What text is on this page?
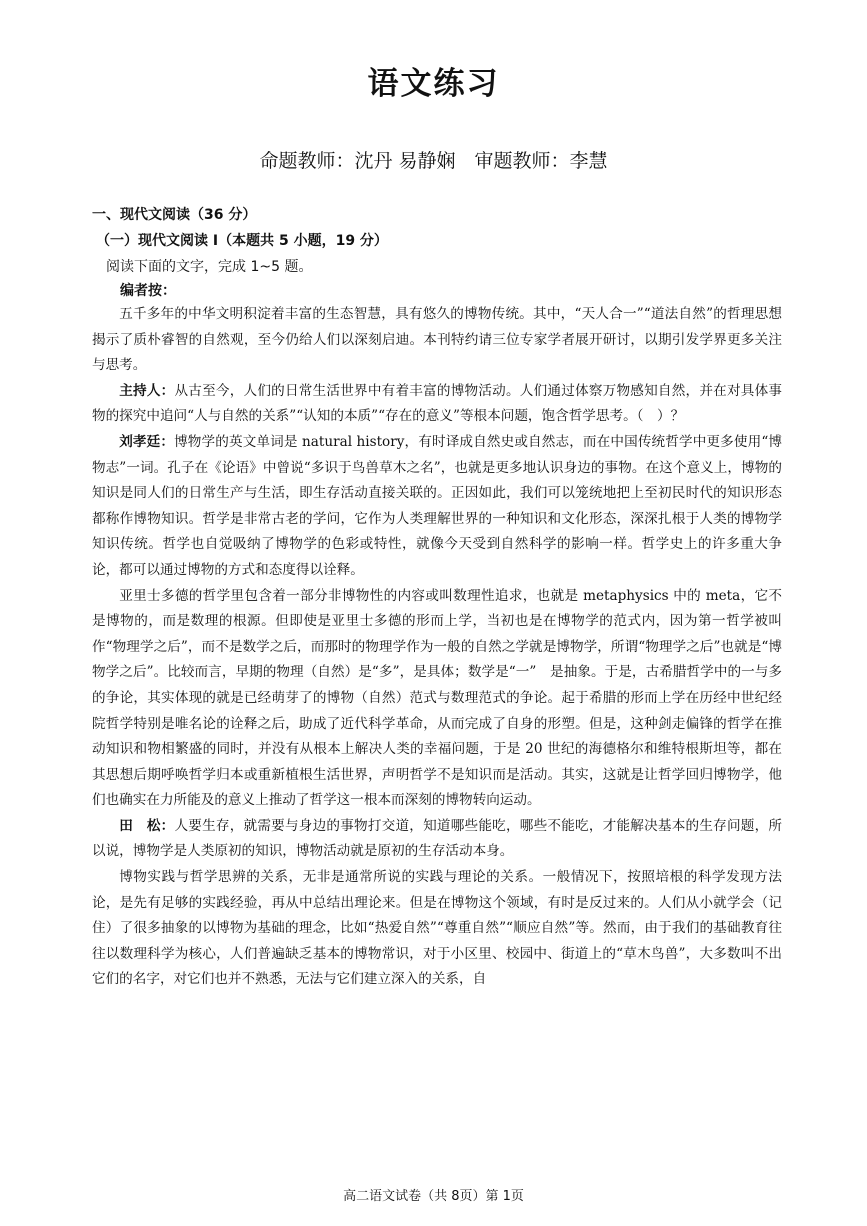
语文练习
命题教师：沈丹 易静娴　 审题教师：李慧
一、现代文阅读（36 分）
（一）现代文阅读 I（本题共 5 小题，19 分）
阅读下面的文字，完成 1~5 题。
编者按：

五千多年的中华文明积淀着丰富的生态智慧，具有悠久的博物传统。其中，“天人合一”“道法自然”的哲理思想揭示了质朴睿智的自然观，至今仍给人们以深刻启迪。本刊特约请三位专家学者展开研讨，以期引发学界更多关注与思考。

主持人：从古至今，人们的日常生活世界中有着丰富的博物活动。人们通过体察万物感知自然，并在对具体事物的探究中追问“人与自然的关系”“认知的本质”“存在的意义”等根本问题，饱含哲学思考。（　）？

刘孝廷：博物学的英文单词是 natural history，有时译成自然史或自然志，而在中国传统哲学中更多使用“博物志”一词。孔子在《论语》中曾说“多识于鸟兽草木之名”，也就是更多地认识身边的事物。在这个意义上，博物的知识是同人们的日常生产与生活，即生存活动直接关联的。正因如此，我们可以笼统地把上至初民时代的知识形态都称作博物知识。哲学是非常古老的学问，它作为人类理解世界的一种知识和文化形态，深深扎根于人类的博物学知识传统。哲学也自觉吸纳了博物学的色彩或特性，就像今天受到自然科学的影响一样。哲学史上的许多重大争论，都可以通过博物的方式和态度得以诠释。

亚里士多德的哲学里包含着一部分非博物性的内容或叫数理性追求，也就是 metaphysics 中的 meta，它不是博物的，而是数理的根源。但即使是亚里士多德的形而上学，当初也是在博物学的范式内，因为第一哲学被叫作“物理学之后”，而不是数学之后，而那时的物理学作为一般的自然之学就是博物学，所谓“物理学之后”也就是“博物学之后”。比较而言，早期的物理（自然）是“多”，是具体；数学是“一”　是抽象。于是，古希腊哲学中的一与多的争论，其实体现的就是已经萌芽了的博物（自然）范式与数理范式的争论。起于希腊的形而上学在历经中世纪经院哲学特别是唯名论的诠释之后，助成了近代科学革命，从而完成了自身的形塑。但是，这种剑走偏锋的哲学在推动知识和物相繁盛的同时，并没有从根本上解决人类的幸福问题，于是 20 世纪的海德格尔和维特根斯坦等，都在其思想后期呼唤哲学归本或重新植根生活世界，声明哲学不是知识而是活动。其实，这就是让哲学回归博物学，他们也确实在力所能及的意义上推动了哲学这一根本而深刻的博物转向运动。

田　松：人要生存，就需要与身边的事物打交道，知道哪些能吃，哪些不能吃，才能解决基本的生存问题，所以说，博物学是人类原初的知识，博物活动就是原初的生存活动本身。

博物实践与哲学思辨的关系，无非是通常所说的实践与理论的关系。一般情况下，按照培根的科学发现方法论，是先有足够的实践经验，再从中总结出理论来。但是在博物这个领域，有时是反过来的。人们从小就学会（记住）了很多抽象的以博物为基础的理念，比如“热爱自然”“尊重自然”“顺应自然”等。然而，由于我们的基础教育往往以数理科学为核心，人们普遍缺乏基本的博物常识，对于小区里、校园中、街道上的“草木鸟兽”，大多数叫不出它们的名字，对它们也并不熟悉，无法与它们建立深入的关系，自

高二语文试卷（共 8页）第 1页
